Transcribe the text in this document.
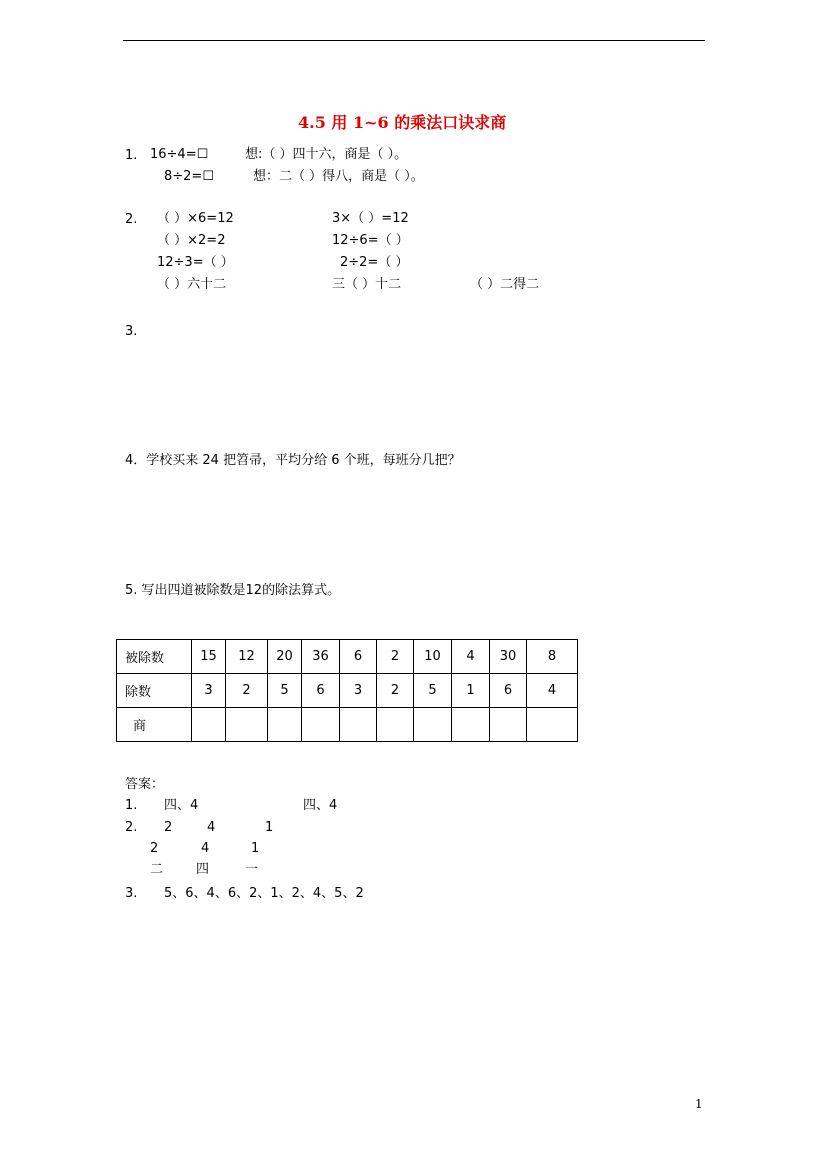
4.5 用 1~6 的乘法口诀求商
1. 16÷4=☐	想:（ ）四十六，商是（ ）。
8÷2=☐	想：二（ ）得八，商是（ ）。
2. （ ）×6=12	3×（ ）=12
（ ）×2=2	12÷6=（ ）
12÷3=（ ）	2÷2=（ ）
（ ）六十二	三（ ）十二	（ ）二得二
3.
4．学校买来 24 把笤帚，平均分给 6 个班，每班分几把？
5. 写出四道被除数是12的除法算式。
被除数	15	12	20	36	6	2	10	4	30	8
除数	3	2	5	6	3	2	5	1	6	4
商										
答案：
1. 四、4	四、4
2. 2	4	1
2	4	1
二	四	一
3. 5、6、4、6、2、1、2、4、5、2
1
